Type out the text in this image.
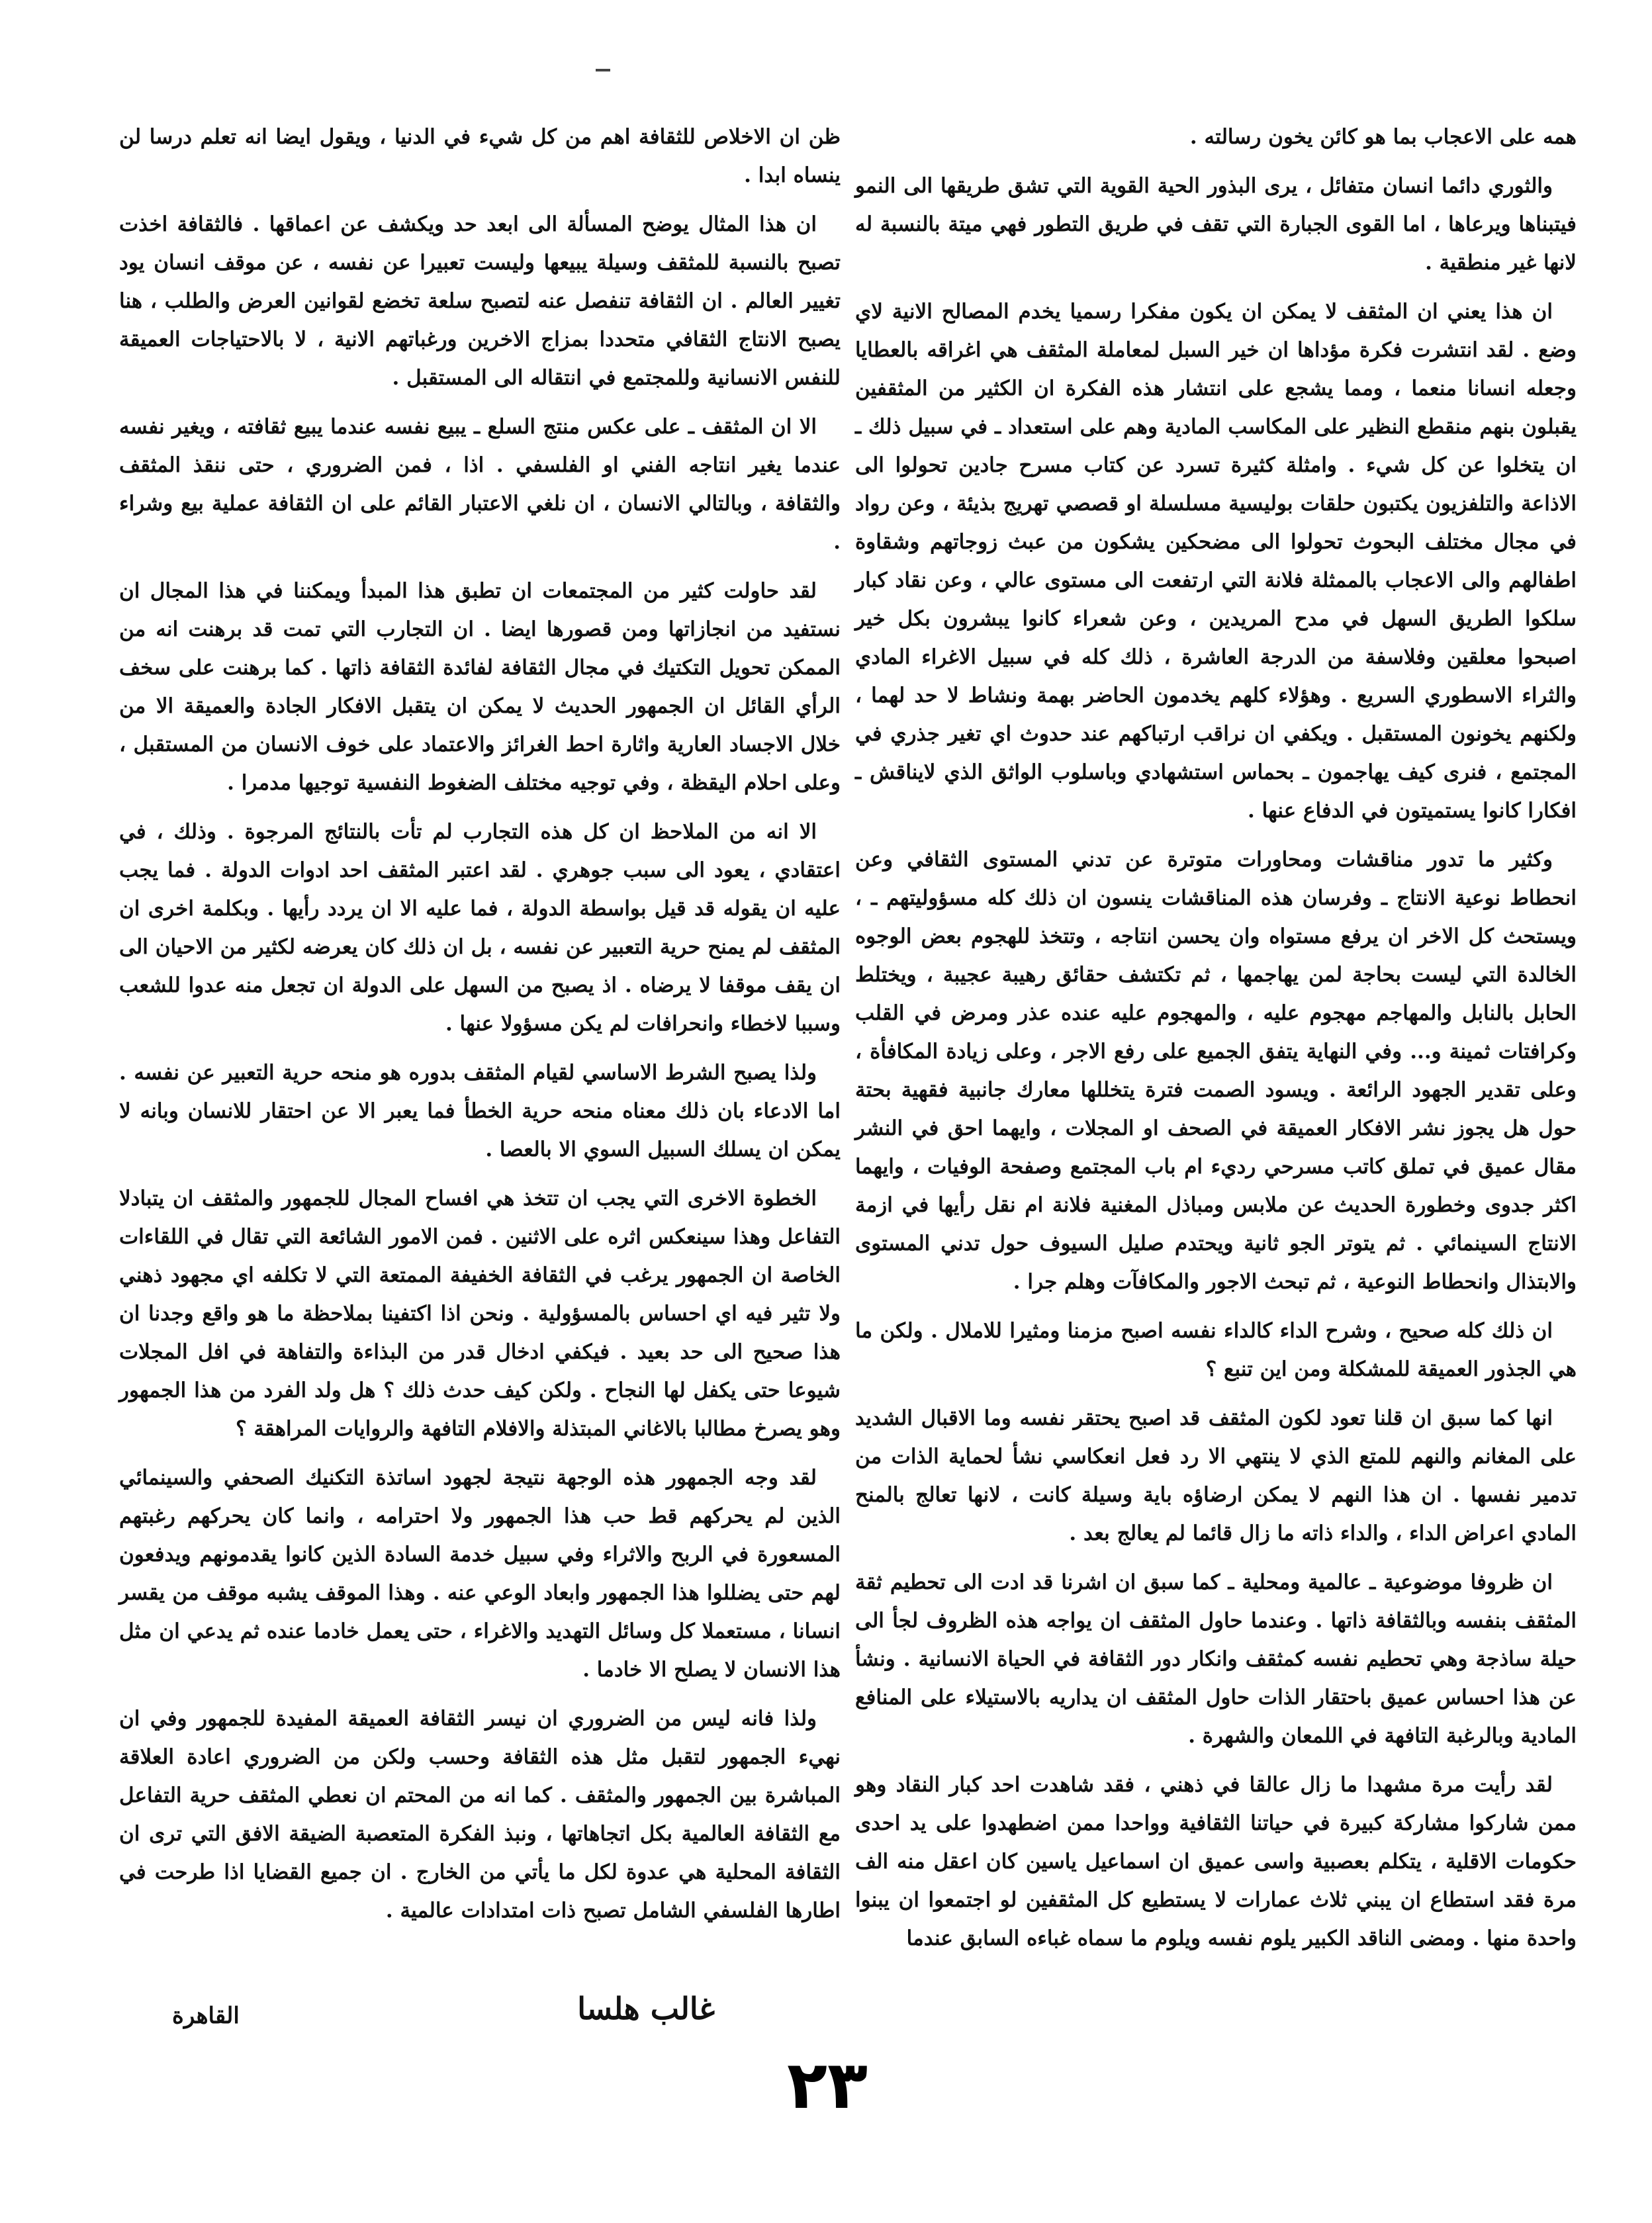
همه على الاعجاب بما هو كائن يخون رسالته .

والثوري دائما انسان متفائل ، يرى البذور الحية القوية التي تشق طريقها الى النمو فيتبناها ويرعاها ، اما القوى الجبارة التي تقف في طريق التطور فهي ميتة بالنسبة له لانها غير منطقية .

ان هذا يعني ان المثقف لا يمكن ان يكون مفكرا رسميا يخدم المصالح الانية لاي وضع . لقد انتشرت فكرة مؤداها ان خير السبل لمعاملة المثقف هي اغراقه بالعطايا وجعله انسانا منعما ، ومما يشجع على انتشار هذه الفكرة ان الكثير من المثقفين يقبلون بنهم منقطع النظير على المكاسب المادية وهم على استعداد ـ في سبيل ذلك ـ ان يتخلوا عن كل شيء . وامثلة كثيرة تسرد عن كتاب مسرح جادين تحولوا الى الاذاعة والتلفزيون يكتبون حلقات بوليسية مسلسلة او قصصي تهريج بذيئة ، وعن رواد في مجال مختلف البحوث تحولوا الى مضحكين يشكون من عبث زوجاتهم وشقاوة اطفالهم والى الاعجاب بالممثلة فلانة التي ارتفعت الى مستوى عالي ، وعن نقاد كبار سلكوا الطريق السهل في مدح المريدين ، وعن شعراء كانوا يبشرون بكل خير اصبحوا معلقين وفلاسفة من الدرجة العاشرة ، ذلك كله في سبيل الاغراء المادي والثراء الاسطوري السريع . وهؤلاء كلهم يخدمون الحاضر بهمة ونشاط لا حد لهما ، ولكنهم يخونون المستقبل . ويكفي ان نراقب ارتباكهم عند حدوث اي تغير جذري في المجتمع ، فنرى كيف يهاجمون ـ بحماس استشهادي وباسلوب الواثق الذي لايناقش ـ افكارا كانوا يستميتون في الدفاع عنها .

وكثير ما تدور مناقشات ومحاورات متوترة عن تدني المستوى الثقافي وعن انحطاط نوعية الانتاج ـ وفرسان هذه المناقشات ينسون ان ذلك كله مسؤوليتهم ـ ، ويستحث كل الاخر ان يرفع مستواه وان يحسن انتاجه ، وتتخذ للهجوم بعض الوجوه الخالدة التي ليست بحاجة لمن يهاجمها ، ثم تكتشف حقائق رهيبة عجيبة ، ويختلط الحابل بالنابل والمهاجم مهجوم عليه ، والمهجوم عليه عنده عذر ومرض في القلب وكرافتات ثمينة و... وفي النهاية يتفق الجميع على رفع الاجر ، وعلى زيادة المكافأة ، وعلى تقدير الجهود الرائعة . ويسود الصمت فترة يتخللها معارك جانبية فقهية بحتة حول هل يجوز نشر الافكار العميقة في الصحف او المجلات ، وايهما احق في النشر مقال عميق في تملق كاتب مسرحي رديء ام باب المجتمع وصفحة الوفيات ، وايهما اكثر جدوى وخطورة الحديث عن ملابس ومباذل المغنية فلانة ام نقل رأيها في ازمة الانتاج السينمائي . ثم يتوتر الجو ثانية ويحتدم صليل السيوف حول تدني المستوى والابتذال وانحطاط النوعية ، ثم تبحث الاجور والمكافآت وهلم جرا .

ان ذلك كله صحيح ، وشرح الداء كالداء نفسه اصبح مزمنا ومثيرا للاملال . ولكن ما هي الجذور العميقة للمشكلة ومن اين تنبع ؟

انها كما سبق ان قلنا تعود لكون المثقف قد اصبح يحتقر نفسه وما الاقبال الشديد على المغانم والنهم للمتع الذي لا ينتهي الا رد فعل انعكاسي نشأ لحماية الذات من تدمير نفسها . ان هذا النهم لا يمكن ارضاؤه باية وسيلة كانت ، لانها تعالج بالمنح المادي اعراض الداء ، والداء ذاته ما زال قائما لم يعالج بعد .

ان ظروفا موضوعية ـ عالمية ومحلية ـ كما سبق ان اشرنا قد ادت الى تحطيم ثقة المثقف بنفسه وبالثقافة ذاتها . وعندما حاول المثقف ان يواجه هذه الظروف لجأ الى حيلة ساذجة وهي تحطيم نفسه كمثقف وانكار دور الثقافة في الحياة الانسانية . ونشأ عن هذا احساس عميق باحتقار الذات حاول المثقف ان يداريه بالاستيلاء على المنافع المادية وبالرغبة التافهة في اللمعان والشهرة .

لقد رأيت مرة مشهدا ما زال عالقا في ذهني ، فقد شاهدت احد كبار النقاد وهو ممن شاركوا مشاركة كبيرة في حياتنا الثقافية وواحدا ممن اضطهدوا على يد احدى حكومات الاقلية ، يتكلم بعصبية واسى عميق ان اسماعيل ياسين كان اعقل منه الف مرة فقد استطاع ان يبني ثلاث عمارات لا يستطيع كل المثقفين لو اجتمعوا ان يبنوا واحدة منها . ومضى الناقد الكبير يلوم نفسه ويلوم ما سماه غباءه السابق عندما

ظن ان الاخلاص للثقافة اهم من كل شيء في الدنيا ، ويقول ايضا انه تعلم درسا لن ينساه ابدا .

ان هذا المثال يوضح المسألة الى ابعد حد ويكشف عن اعماقها . فالثقافة اخذت تصبح بالنسبة للمثقف وسيلة يبيعها وليست تعبيرا عن نفسه ، عن موقف انسان يود تغيير العالم . ان الثقافة تنفصل عنه لتصبح سلعة تخضع لقوانين العرض والطلب ، هنا يصبح الانتاج الثقافي متحددا بمزاج الاخرين ورغباتهم الانية ، لا بالاحتياجات العميقة للنفس الانسانية وللمجتمع في انتقاله الى المستقبل .

الا ان المثقف ـ على عكس منتج السلع ـ يبيع نفسه عندما يبيع ثقافته ، ويغير نفسه عندما يغير انتاجه الفني او الفلسفي . اذا ، فمن الضروري ، حتى ننقذ المثقف والثقافة ، وبالتالي الانسان ، ان نلغي الاعتبار القائم على ان الثقافة عملية بيع وشراء .

لقد حاولت كثير من المجتمعات ان تطبق هذا المبدأ ويمكننا في هذا المجال ان نستفيد من انجازاتها ومن قصورها ايضا . ان التجارب التي تمت قد برهنت انه من الممكن تحويل التكتيك في مجال الثقافة لفائدة الثقافة ذاتها . كما برهنت على سخف الرأي القائل ان الجمهور الحديث لا يمكن ان يتقبل الافكار الجادة والعميقة الا من خلال الاجساد العارية واثارة احط الغرائز والاعتماد على خوف الانسان من المستقبل ، وعلى احلام اليقظة ، وفي توجيه مختلف الضغوط النفسية توجيها مدمرا .

الا انه من الملاحظ ان كل هذه التجارب لم تأت بالنتائج المرجوة . وذلك ، في اعتقادي ، يعود الى سبب جوهري . لقد اعتبر المثقف احد ادوات الدولة . فما يجب عليه ان يقوله قد قيل بواسطة الدولة ، فما عليه الا ان يردد رأيها . وبكلمة اخرى ان المثقف لم يمنح حرية التعبير عن نفسه ، بل ان ذلك كان يعرضه لكثير من الاحيان الى ان يقف موقفا لا يرضاه . اذ يصبح من السهل على الدولة ان تجعل منه عدوا للشعب وسببا لاخطاء وانحرافات لم يكن مسؤولا عنها .

ولذا يصبح الشرط الاساسي لقيام المثقف بدوره هو منحه حرية التعبير عن نفسه . اما الادعاء بان ذلك معناه منحه حرية الخطأ فما يعبر الا عن احتقار للانسان وبانه لا يمكن ان يسلك السبيل السوي الا بالعصا .

الخطوة الاخرى التي يجب ان تتخذ هي افساح المجال للجمهور والمثقف ان يتبادلا التفاعل وهذا سينعكس اثره على الاثنين . فمن الامور الشائعة التي تقال في اللقاءات الخاصة ان الجمهور يرغب في الثقافة الخفيفة الممتعة التي لا تكلفه اي مجهود ذهني ولا تثير فيه اي احساس بالمسؤولية . ونحن اذا اكتفينا بملاحظة ما هو واقع وجدنا ان هذا صحيح الى حد بعيد . فيكفي ادخال قدر من البذاءة والتفاهة في افل المجلات شيوعا حتى يكفل لها النجاح . ولكن كيف حدث ذلك ؟ هل ولد الفرد من هذا الجمهور وهو يصرخ مطالبا بالاغاني المبتذلة والافلام التافهة والروايات المراهقة ؟

لقد وجه الجمهور هذه الوجهة نتيجة لجهود اساتذة التكنيك الصحفي والسينمائي الذين لم يحركهم قط حب هذا الجمهور ولا احترامه ، وانما كان يحركهم رغبتهم المسعورة في الربح والاثراء وفي سبيل خدمة السادة الذين كانوا يقدمونهم ويدفعون لهم حتى يضللوا هذا الجمهور وابعاد الوعي عنه . وهذا الموقف يشبه موقف من يقسر انسانا ، مستعملا كل وسائل التهديد والاغراء ، حتى يعمل خادما عنده ثم يدعي ان مثل هذا الانسان لا يصلح الا خادما .

ولذا فانه ليس من الضروري ان نيسر الثقافة العميقة المفيدة للجمهور وفي ان نهيء الجمهور لتقبل مثل هذه الثقافة وحسب ولكن من الضروري اعادة العلاقة المباشرة بين الجمهور والمثقف . كما انه من المحتم ان نعطي المثقف حرية التفاعل مع الثقافة العالمية بكل اتجاهاتها ، ونبذ الفكرة المتعصبة الضيقة الافق التي ترى ان الثقافة المحلية هي عدوة لكل ما يأتي من الخارج . ان جميع القضايا اذا طرحت في اطارها الفلسفي الشامل تصبح ذات امتدادات عالمية .

القاهرة	غالب هلسا
٢٣
